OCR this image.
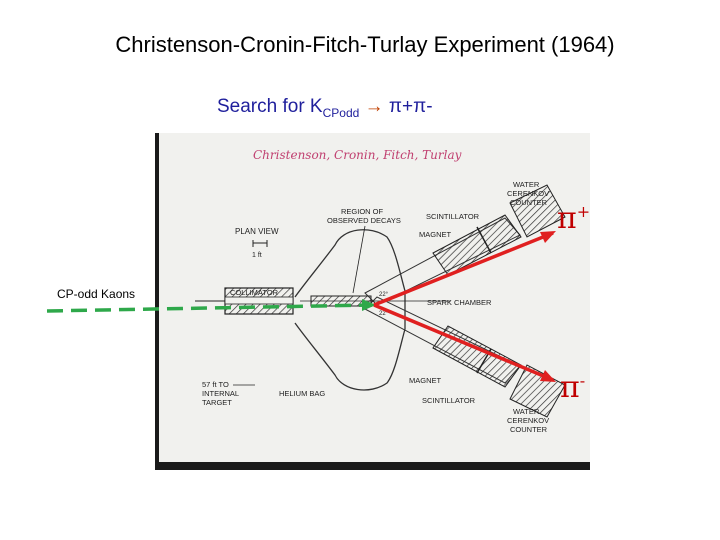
Christenson-Cronin-Fitch-Turlay Experiment (1964)
Search for $K_{CPodd} \to \pi+\pi-$
Christenson, Cronin, Fitch, Turlay
PLAN VIEW
1 ft
WATER CERENKOV COUNTER
REGION OF OBSERVED DECAYS	SCINTILLATOR
MAGNET
COLLIMATOR
SPARK CHAMBER
22°
22°
57 ft TO INTERNAL TARGET
HELIUM BAG
MAGNET
SCINTILLATOR
WATER CERENKOV COUNTER
CP-odd Kaons
π+
π-
